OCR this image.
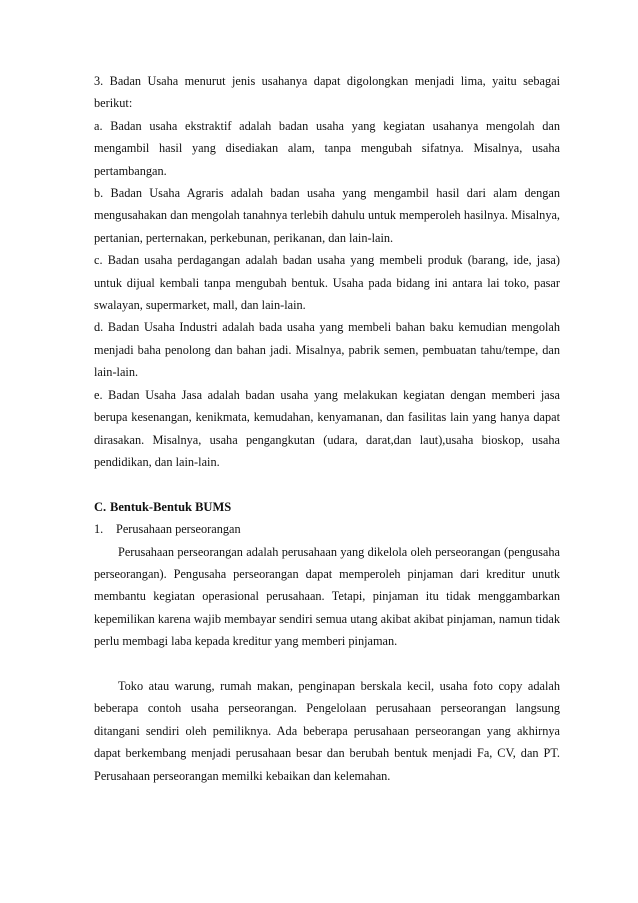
3. Badan Usaha menurut jenis usahanya dapat digolongkan menjadi lima, yaitu sebagai berikut:

a. Badan usaha ekstraktif adalah badan usaha yang kegiatan usahanya mengolah dan mengambil hasil yang disediakan alam, tanpa mengubah sifatnya. Misalnya, usaha pertambangan.

b. Badan Usaha Agraris adalah badan usaha yang mengambil hasil dari alam dengan mengusahakan dan mengolah tanahnya terlebih dahulu untuk memperoleh hasilnya. Misalnya, pertanian, perternakan, perkebunan, perikanan, dan lain-lain.

c. Badan usaha perdagangan adalah badan usaha yang membeli produk (barang, ide, jasa) untuk dijual kembali tanpa mengubah bentuk. Usaha pada bidang ini antara lai toko, pasar swalayan, supermarket, mall, dan lain-lain.

d. Badan Usaha Industri adalah bada usaha yang membeli bahan baku kemudian mengolah menjadi baha penolong dan bahan jadi. Misalnya, pabrik semen, pembuatan tahu/tempe, dan lain-lain.

e. Badan Usaha Jasa adalah badan usaha yang melakukan kegiatan dengan memberi jasa berupa kesenangan, kenikmata, kemudahan, kenyamanan, dan fasilitas lain yang hanya dapat dirasakan. Misalnya, usaha pengangkutan (udara, darat,dan laut),usaha bioskop, usaha pendidikan, dan lain-lain.

C. Bentuk-Bentuk BUMS

1. Perusahaan perseorangan

Perusahaan perseorangan adalah perusahaan yang dikelola oleh perseorangan (pengusaha perseorangan). Pengusaha perseorangan dapat memperoleh pinjaman dari kreditur unutk membantu kegiatan operasional perusahaan. Tetapi, pinjaman itu tidak menggambarkan kepemilikan karena wajib membayar sendiri semua utang akibat akibat pinjaman, namun tidak perlu membagi laba kepada kreditur yang memberi pinjaman.

Toko atau warung, rumah makan, penginapan berskala kecil, usaha foto copy adalah beberapa contoh usaha perseorangan. Pengelolaan perusahaan perseorangan langsung ditangani sendiri oleh pemiliknya. Ada beberapa perusahaan perseorangan yang akhirnya dapat berkembang menjadi perusahaan besar dan berubah bentuk menjadi Fa, CV, dan PT. Perusahaan perseorangan memilki kebaikan dan kelemahan.
